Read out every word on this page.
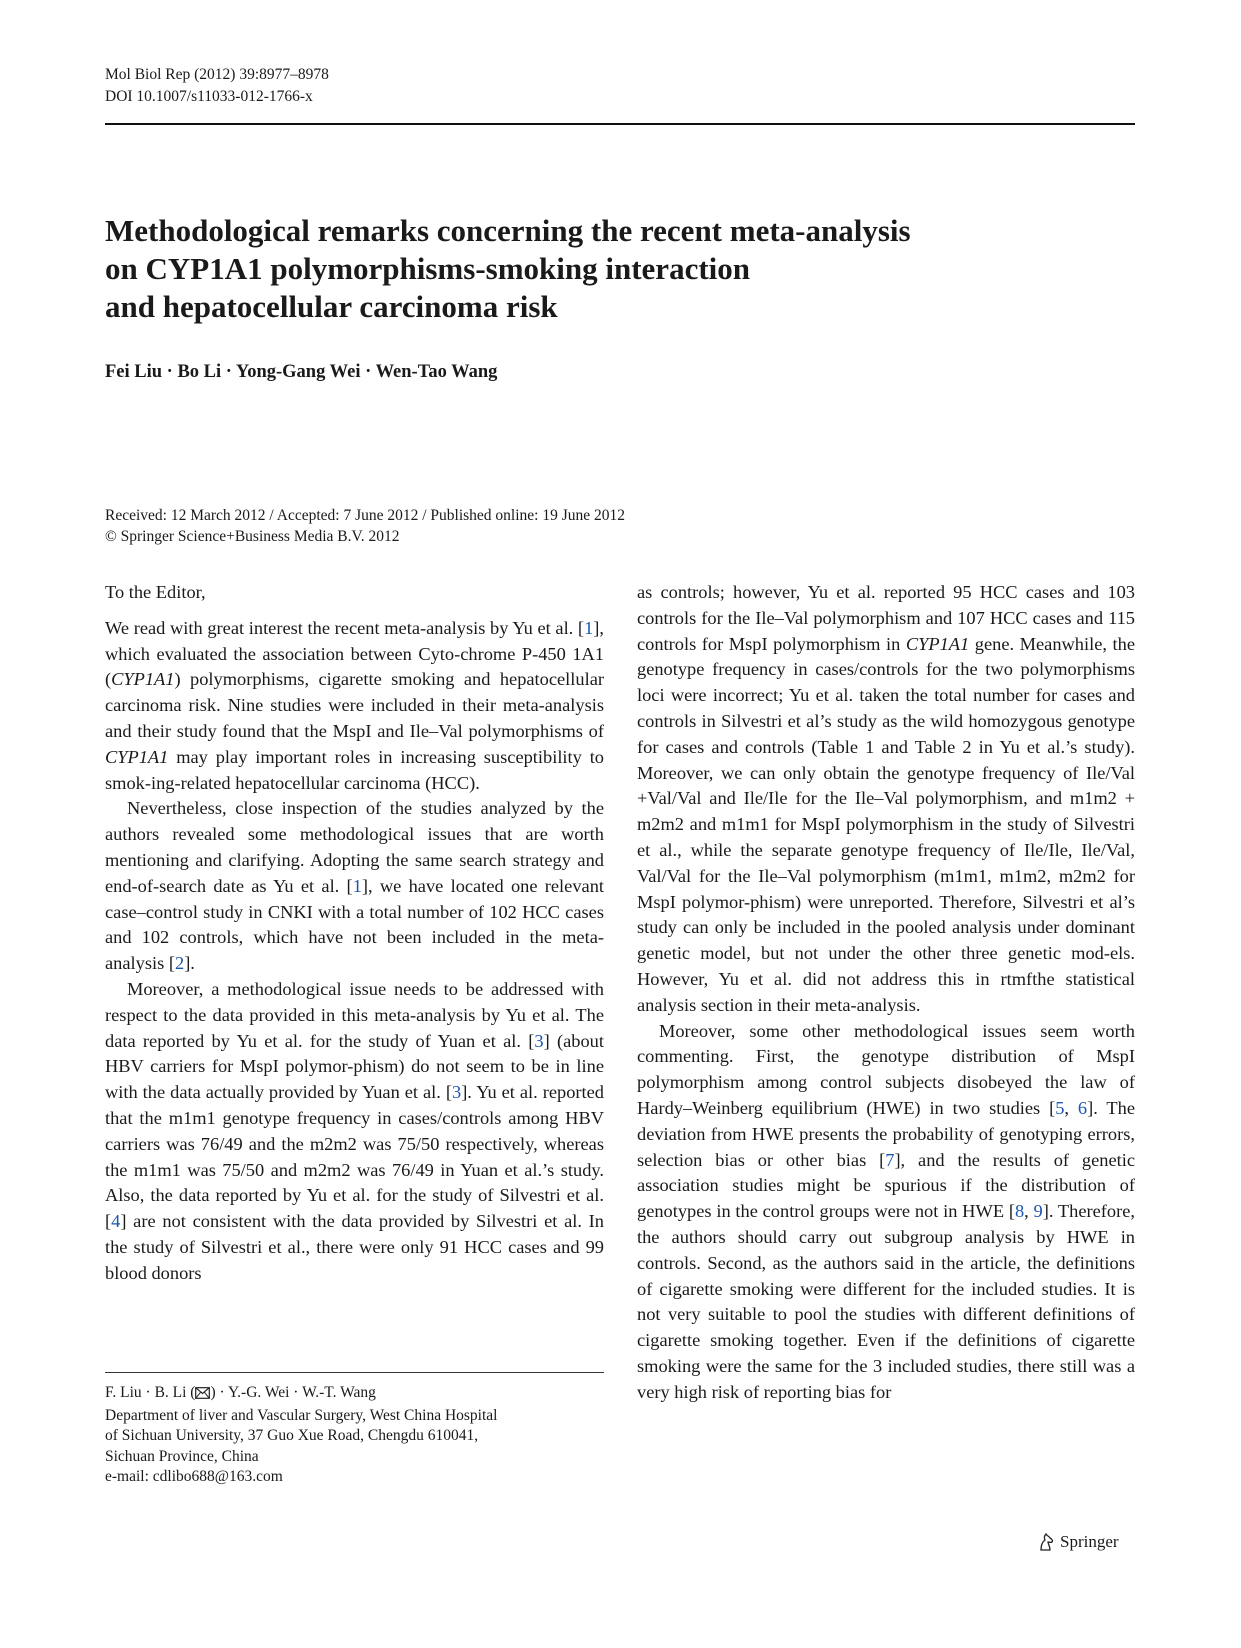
Mol Biol Rep (2012) 39:8977–8978
DOI 10.1007/s11033-012-1766-x
Methodological remarks concerning the recent meta-analysis
on CYP1A1 polymorphisms-smoking interaction
and hepatocellular carcinoma risk
Fei Liu · Bo Li · Yong-Gang Wei · Wen-Tao Wang
Received: 12 March 2012 / Accepted: 7 June 2012 / Published online: 19 June 2012
© Springer Science+Business Media B.V. 2012

To the Editor,

We read with great interest the recent meta-analysis by Yu et al. [1], which evaluated the association between Cyto-chrome P-450 1A1 (CYP1A1) polymorphisms, cigarette smoking and hepatocellular carcinoma risk. Nine studies were included in their meta-analysis and their study found that the MspI and Ile–Val polymorphisms of CYP1A1 may play important roles in increasing susceptibility to smok-ing-related hepatocellular carcinoma (HCC).

Nevertheless, close inspection of the studies analyzed by the authors revealed some methodological issues that are worth mentioning and clarifying. Adopting the same search strategy and end-of-search date as Yu et al. [1], we have located one relevant case–control study in CNKI with a total number of 102 HCC cases and 102 controls, which have not been included in the meta-analysis [2].

Moreover, a methodological issue needs to be addressed with respect to the data provided in this meta-analysis by Yu et al. The data reported by Yu et al. for the study of Yuan et al. [3] (about HBV carriers for MspI polymor-phism) do not seem to be in line with the data actually provided by Yuan et al. [3]. Yu et al. reported that the m1m1 genotype frequency in cases/controls among HBV carriers was 76/49 and the m2m2 was 75/50 respectively, whereas the m1m1 was 75/50 and m2m2 was 76/49 in Yuan et al.’s study. Also, the data reported by Yu et al. for the study of Silvestri et al. [4] are not consistent with the data provided by Silvestri et al. In the study of Silvestri et al., there were only 91 HCC cases and 99 blood donors

F. Liu · B. Li ( ) · Y.-G. Wei · W.-T. Wang
Department of liver and Vascular Surgery, West China Hospital
of Sichuan University, 37 Guo Xue Road, Chengdu 610041,
Sichuan Province, China
e-mail: cdlibo688@163.com

as controls; however, Yu et al. reported 95 HCC cases and 103 controls for the Ile–Val polymorphism and 107 HCC cases and 115 controls for MspI polymorphism in CYP1A1 gene. Meanwhile, the genotype frequency in cases/controls for the two polymorphisms loci were incorrect; Yu et al. taken the total number for cases and controls in Silvestri et al’s study as the wild homozygous genotype for cases and controls (Table 1 and Table 2 in Yu et al.’s study). Moreover, we can only obtain the genotype frequency of Ile/Val +Val/Val and Ile/Ile for the Ile–Val polymorphism, and m1m2 + m2m2 and m1m1 for MspI polymorphism in the study of Silvestri et al., while the separate genotype frequency of Ile/Ile, Ile/Val, Val/Val for the Ile–Val polymorphism (m1m1, m1m2, m2m2 for MspI polymor-phism) were unreported. Therefore, Silvestri et al’s study can only be included in the pooled analysis under dominant genetic model, but not under the other three genetic mod-els. However, Yu et al. did not address this in rtmfthe statistical analysis section in their meta-analysis.

Moreover, some other methodological issues seem worth commenting. First, the genotype distribution of MspI polymorphism among control subjects disobeyed the law of Hardy–Weinberg equilibrium (HWE) in two studies [5, 6]. The deviation from HWE presents the probability of genotyping errors, selection bias or other bias [7], and the results of genetic association studies might be spurious if the distribution of genotypes in the control groups were not in HWE [8, 9]. Therefore, the authors should carry out subgroup analysis by HWE in controls. Second, as the authors said in the article, the definitions of cigarette smoking were different for the included studies. It is not very suitable to pool the studies with different definitions of cigarette smoking together. Even if the definitions of cigarette smoking were the same for the 3 included studies, there still was a very high risk of reporting bias for

Springer
